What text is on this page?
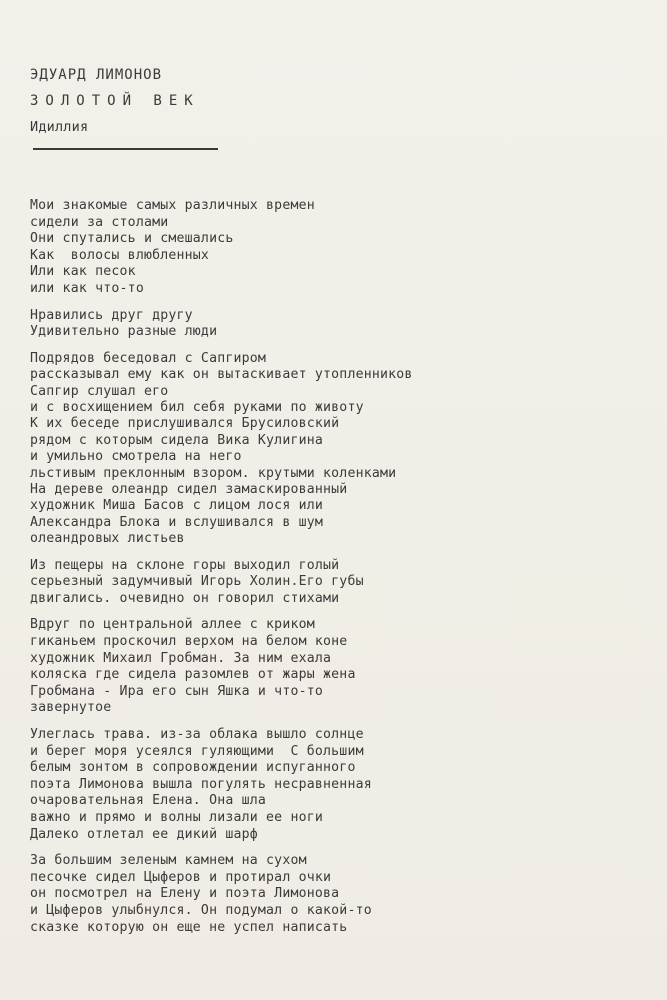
ЭДУАРД ЛИМОНОВ
ЗОЛОТОЙ ВЕК
Идиллия
Мои знакомые самых различных времен
сидели за столами
Они спутались и смешались
Как  волосы влюбленных
Или как песок
или как что-то
Нравились друг другу
Удивительно разные люди
Подрядов беседовал с Сапгиром
рассказывал ему как он вытаскивает утопленников
Сапгир слушал его
и с восхищением бил себя руками по животу
К их беседе прислушивался Брусиловский
рядом с которым сидела Вика Кулигина
и умильно смотрела на него
льстивым преклонным взором. крутыми коленками
На дереве олеандр сидел замаскированный
художник Миша Басов с лицом лося или
Александра Блока и вслушивался в шум
олеандровых листьев
Из пещеры на склоне горы выходил голый
серьезный задумчивый Игорь Холин.Его губы
двигались. очевидно он говорил стихами
Вдруг по центральной аллее с криком
гиканьем проскочил верхом на белом коне
художник Михаил Гробман. За ним ехала
коляска где сидела разомлев от жары жена
Гробмана - Ира его сын Яшка и что-то
завернутое
Улеглась трава. из-за облака вышло солнце
и берег моря усеялся гуляющими  С большим
белым зонтом в сопровождении испуганного
поэта Лимонова вышла погулять несравненная
очаровательная Елена. Она шла
важно и прямо и волны лизали ее ноги
Далеко отлетал ее дикий шарф
За большим зеленым камнем на сухом
песочке сидел Цыферов и протирал очки
он посмотрел на Елену и поэта Лимонова
и Цыферов улыбнулся. Он подумал о какой-то
сказке которую он еще не успел написать
